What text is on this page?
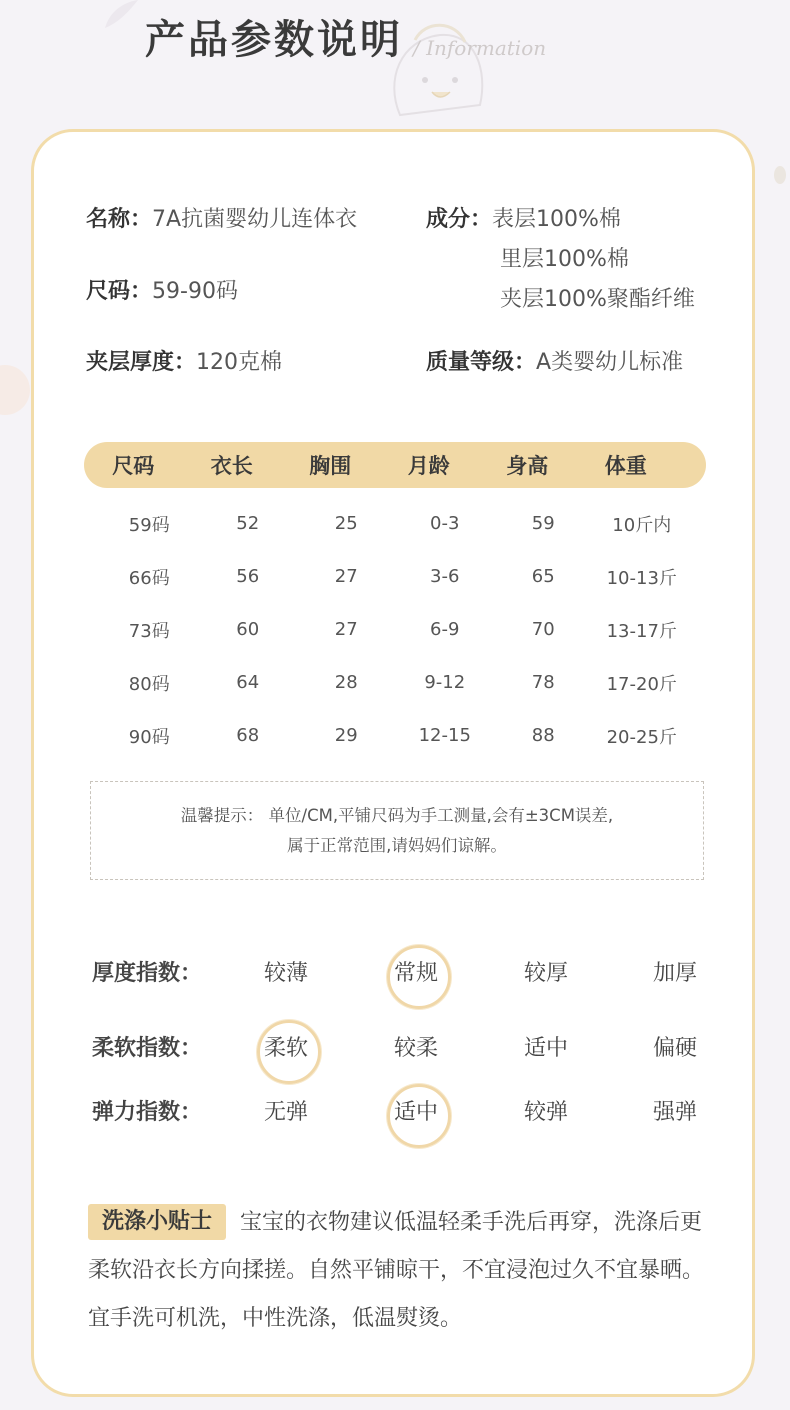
产品参数说明 / Information
名称：7A抗菌婴幼儿连体衣
尺码：59-90码
夹层厚度：120克棉
成分：表层100%棉
里层100%棉
夹层100%聚酯纤维
质量等级：A类婴幼儿标准
尺码	衣长	胸围	月龄	身高	体重
59码	52	25	0-3	59	10斤内
66码	56	27	3-6	65	10-13斤
73码	60	27	6-9	70	13-17斤
80码	64	28	9-12	78	17-20斤
90码	68	29	12-15	88	20-25斤
温馨提示： 单位/CM,平铺尺码为手工测量,会有±3CM误差,
属于正常范围,请妈妈们谅解。
厚度指数：	较薄	常规	较厚	加厚
柔软指数：	柔软	较柔	适中	偏硬
弹力指数：	无弹	适中	较弹	强弹
洗涤小贴士 宝宝的衣物建议低温轻柔手洗后再穿，洗涤后更柔软沿衣长方向揉搓。自然平铺晾干，不宜浸泡过久不宜暴晒。宜手洗可机洗，中性洗涤，低温熨烫。
